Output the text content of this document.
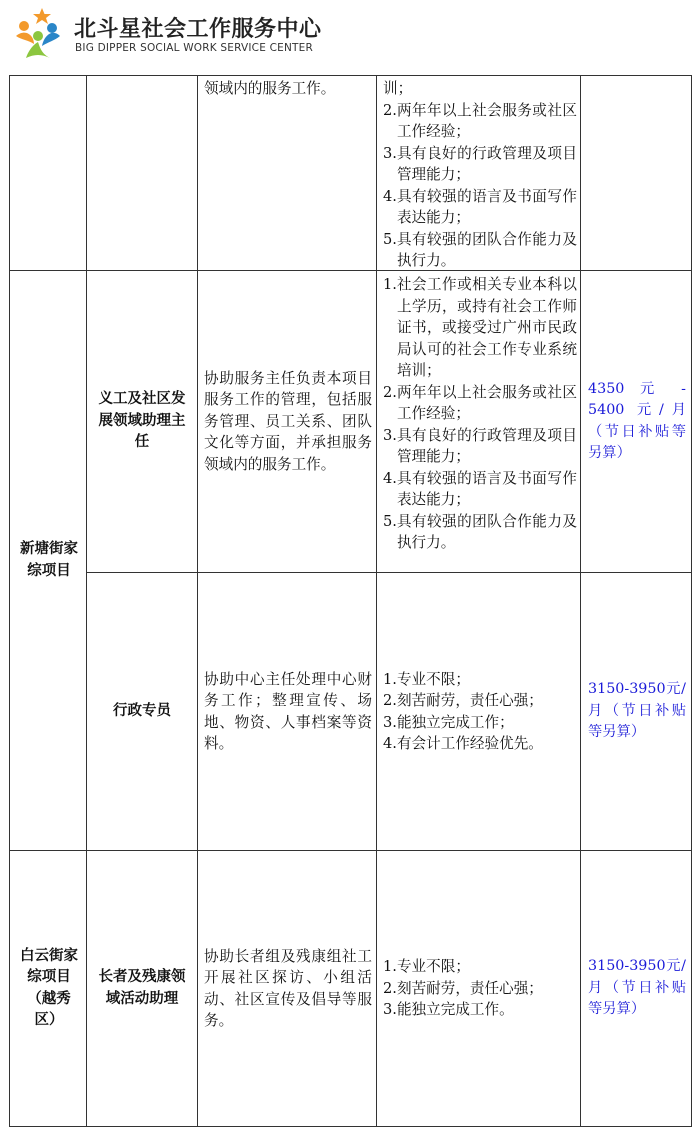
北斗星社会工作服务中心
BIG DIPPER SOCIAL WORK SERVICE CENTER
领域内的服务工作。	训；
2. 两年年以上社会服务或社区工作经验；
3. 具有良好的行政管理及项目管理能力；
4. 具有较强的语言及书面写作表达能力；
5. 具有较强的团队合作能力及执行力。
新塘街家综项目
义工及社区发展领域助理主任
协助服务主任负责本项目服务工作的管理，包括服务管理、员工关系、团队文化等方面，并承担服务领域内的服务工作。
1. 社会工作或相关专业本科以上学历，或持有社会工作师证书，或接受过广州市民政局认可的社会工作专业系统培训；
2. 两年年以上社会服务或社区工作经验；
3. 具有良好的行政管理及项目管理能力；
4. 具有较强的语言及书面写作表达能力；
5. 具有较强的团队合作能力及执行力。
4350 元 - 5400 元/月（节日补贴等另算）
行政专员
协助中心主任处理中心财务工作；整理宣传、场地、物资、人事档案等资料。
1. 专业不限；
2. 刻苦耐劳，责任心强；
3. 能独立完成工作；
4. 有会计工作经验优先。
3150-3950元/月（节日补贴等另算）
白云街家综项目（越秀区）
长者及残康领域活动助理
协助长者组及残康组社工开展社区探访、小组活动、社区宣传及倡导等服务。
1. 专业不限；
2. 刻苦耐劳，责任心强；
3. 能独立完成工作。
3150-3950元/月（节日补贴等另算）
